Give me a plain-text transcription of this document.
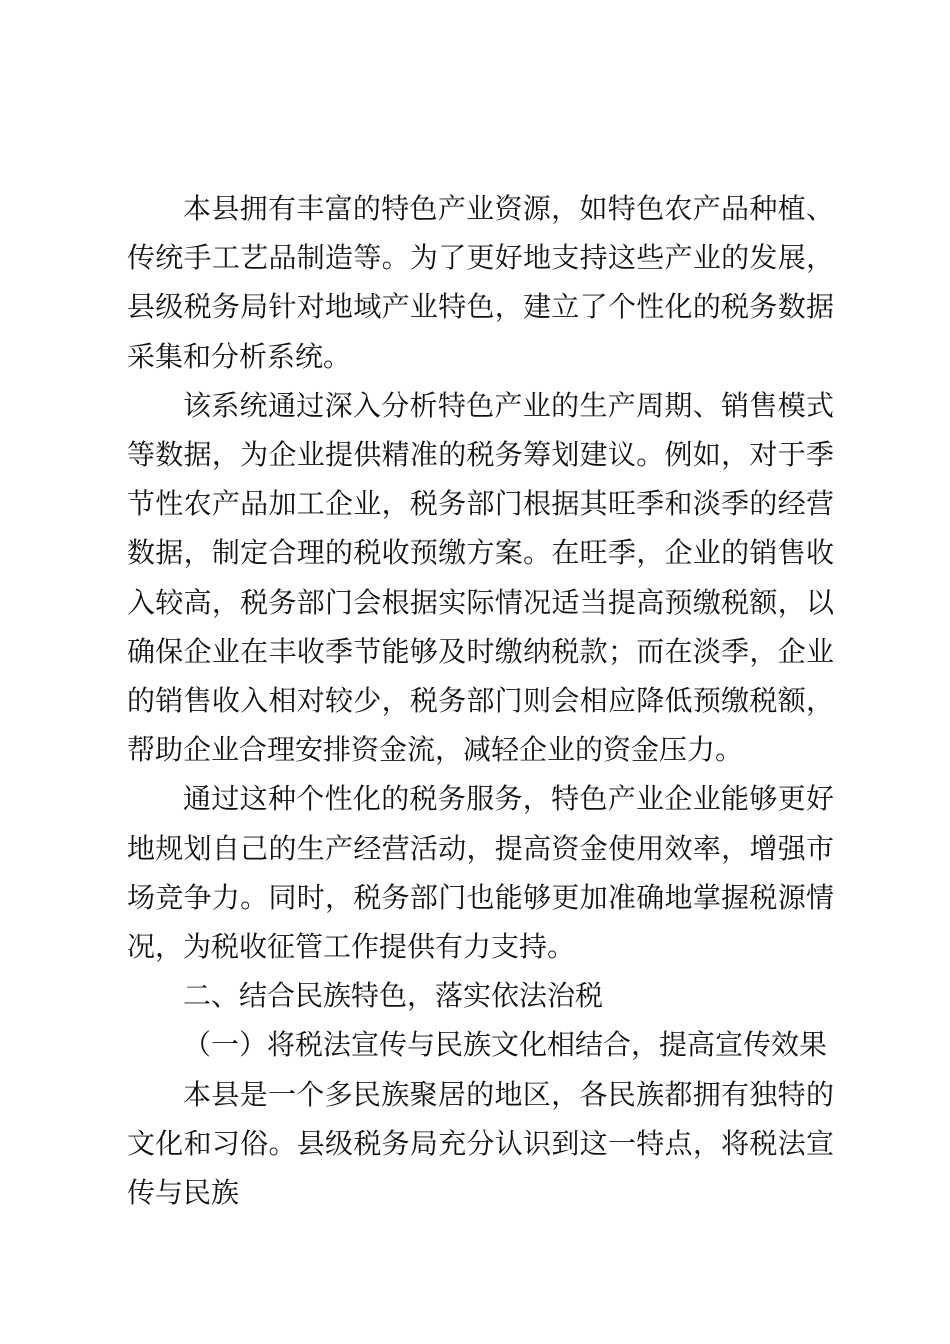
本县拥有丰富的特色产业资源，如特色农产品种植、传统手工艺品制造等。为了更好地支持这些产业的发展，县级税务局针对地域产业特色，建立了个性化的税务数据采集和分析系统。

该系统通过深入分析特色产业的生产周期、销售模式等数据，为企业提供精准的税务筹划建议。例如，对于季节性农产品加工企业，税务部门根据其旺季和淡季的经营数据，制定合理的税收预缴方案。在旺季，企业的销售收入较高，税务部门会根据实际情况适当提高预缴税额，以确保企业在丰收季节能够及时缴纳税款；而在淡季，企业的销售收入相对较少，税务部门则会相应降低预缴税额，帮助企业合理安排资金流，减轻企业的资金压力。

通过这种个性化的税务服务，特色产业企业能够更好地规划自己的生产经营活动，提高资金使用效率，增强市场竞争力。同时，税务部门也能够更加准确地掌握税源情况，为税收征管工作提供有力支持。

二、结合民族特色，落实依法治税

（一）将税法宣传与民族文化相结合，提高宣传效果

本县是一个多民族聚居的地区，各民族都拥有独特的文化和习俗。县级税务局充分认识到这一特点，将税法宣传与民族
